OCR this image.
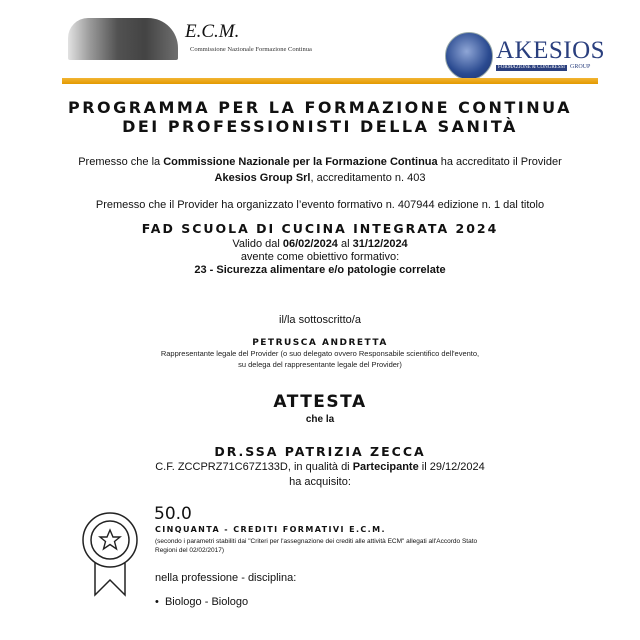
E.C.M.
Commissione Nazionale Formazione Continua	AKESIOS
FORMAZIONE & CONGRESSI GROUP
PROGRAMMA PER LA FORMAZIONE CONTINUA
DEI PROFESSIONISTI DELLA SANITÀ
Premesso che la Commissione Nazionale per la Formazione Continua ha accreditato il Provider
Akesios Group Srl, accreditamento n. 403
Premesso che il Provider ha organizzato l’evento formativo n. 407944 edizione n. 1 dal titolo
FAD SCUOLA DI CUCINA INTEGRATA 2024
Valido dal 06/02/2024 al 31/12/2024
avente come obiettivo formativo:
23 - Sicurezza alimentare e/o patologie correlate
il/la sottoscritto/a
PETRUSCA ANDRETTA
Rappresentante legale del Provider (o suo delegato ovvero Responsabile scientifico dell'evento,
su delega del rappresentante legale del Provider)
ATTESTA
che la
DR.SSA PATRIZIA ZECCA
C.F. ZCCPRZ71C67Z133D, in qualità di Partecipante il 29/12/2024
ha acquisito:
50.0
CINQUANTA - CREDITI FORMATIVI E.C.M.
(secondo i parametri stabiliti dai "Criteri per l'assegnazione dei crediti alle attività ECM" allegati all'Accordo Stato
Regioni del 02/02/2017)
nella professione - disciplina:
•  Biologo - Biologo
